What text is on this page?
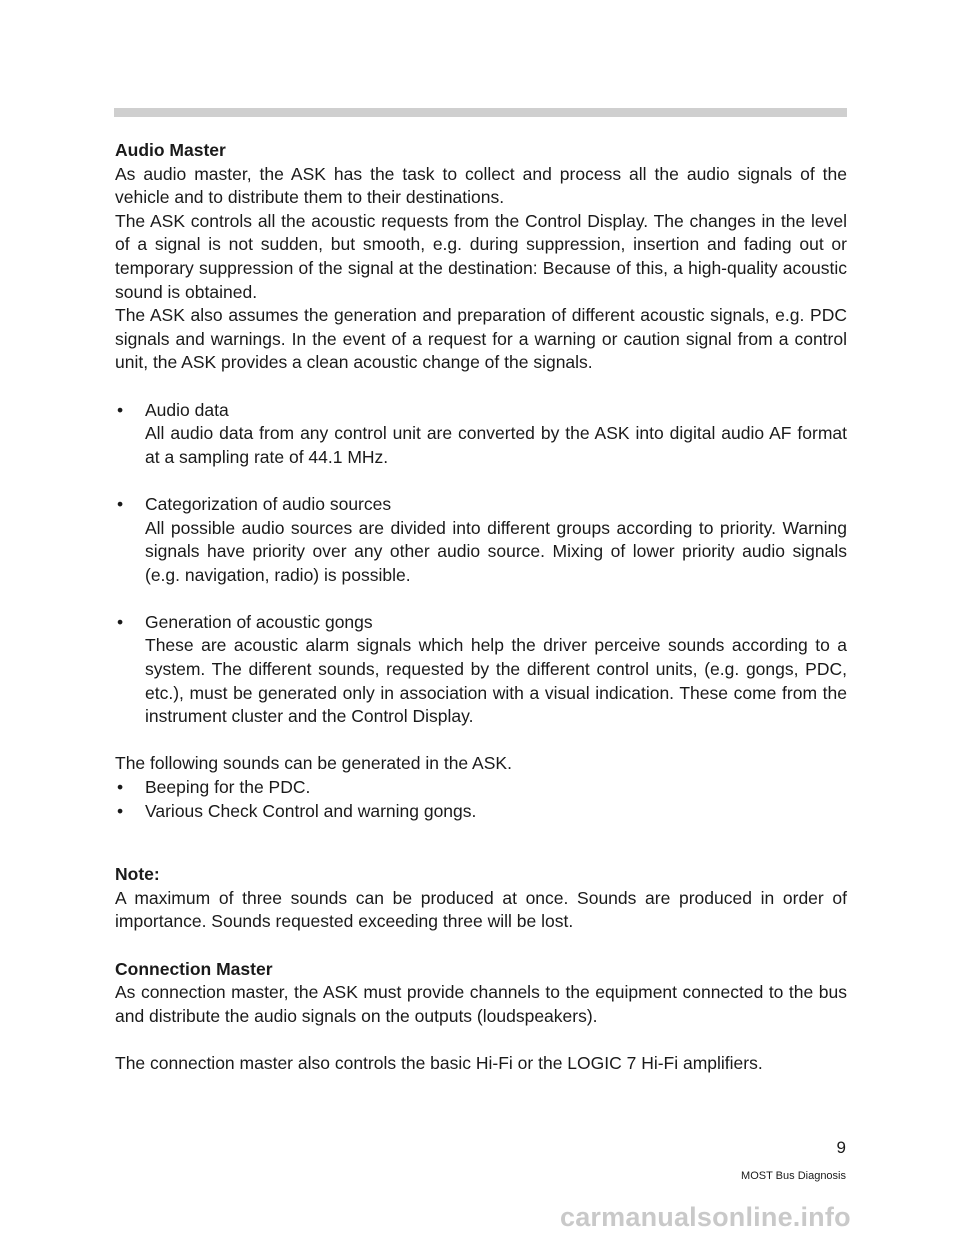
Audio Master

As audio master, the ASK has the task to collect and process all the audio signals of the vehicle and to distribute them to their destinations.

The ASK controls all the acoustic requests from the Control Display. The changes in the level of a signal is not sudden, but smooth, e.g. during suppression, insertion and fading out or temporary suppression of the signal at the destination: Because of this, a high-quality acoustic sound is obtained.

The ASK also assumes the generation and preparation of different acoustic signals, e.g. PDC signals and warnings. In the event of a request for a warning or caution signal from a control unit, the ASK provides a clean acoustic change of the signals.

•	Audio data

All audio data from any control unit are converted by the ASK into digital audio AF format at a sampling rate of 44.1 MHz.

•	Categorization of audio sources

All possible audio sources are divided into different groups according to priority. Warning signals have priority over any other audio source. Mixing of lower priority audio signals (e.g. navigation, radio) is possible.

•	Generation of acoustic gongs

These are acoustic alarm signals which help the driver perceive sounds according to a system. The different sounds, requested by the different control units, (e.g. gongs, PDC, etc.), must be generated only in association with a visual indication. These come from the instrument cluster and the Control Display.

The following sounds can be generated in the ASK.

•	Beeping for the PDC.

•	Various Check Control and warning gongs.

Note:

A maximum of three sounds can be produced at once. Sounds are produced in order of importance. Sounds requested exceeding three will be lost.

Connection Master

As connection master, the ASK must provide channels to the equipment connected to the bus and distribute the audio signals on the outputs (loudspeakers).

The connection master also controls the basic Hi-Fi or the LOGIC 7 Hi-Fi amplifiers.

9
MOST Bus Diagnosis
carmanualsonline.info
